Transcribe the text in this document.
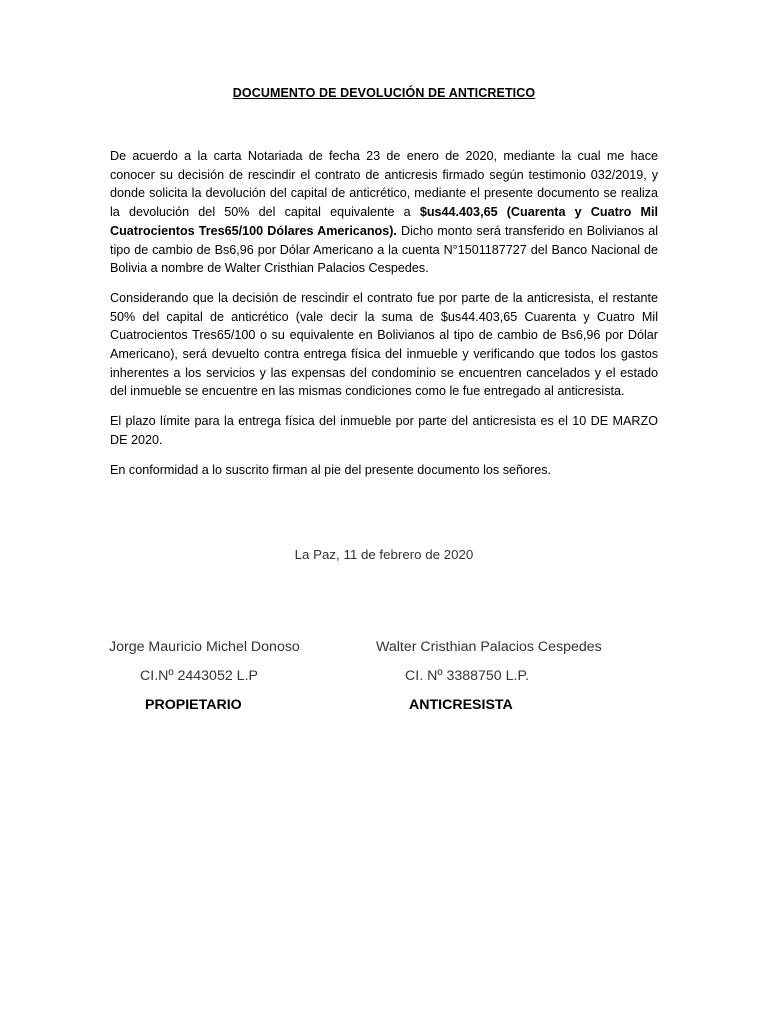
DOCUMENTO DE DEVOLUCIÓN DE ANTICRETICO

De acuerdo a la carta Notariada de fecha 23 de enero de 2020, mediante la cual me hace conocer su decisión de rescindir el contrato de anticresis firmado según testimonio 032/2019, y donde solicita la devolución del capital de anticrético, mediante el presente documento se realiza la devolución del 50% del capital equivalente a $us44.403,65 (Cuarenta y Cuatro Mil Cuatrocientos Tres65/100 Dólares Americanos). Dicho monto será transferido en Bolivianos al tipo de cambio de Bs6,96 por Dólar Americano a la cuenta N°1501187727 del Banco Nacional de Bolivia a nombre de Walter Cristhian Palacios Cespedes.

Considerando que la decisión de rescindir el contrato fue por parte de la anticresista, el restante 50% del capital de anticrético (vale decir la suma de $us44.403,65 Cuarenta y Cuatro Mil Cuatrocientos Tres65/100 o su equivalente en Bolivianos al tipo de cambio de Bs6,96 por Dólar Americano), será devuelto contra entrega física del inmueble y verificando que todos los gastos inherentes a los servicios y las expensas del condominio se encuentren cancelados y el estado del inmueble se encuentre en las mismas condiciones como le fue entregado al anticresista.

El plazo límite para la entrega física del inmueble por parte del anticresista es el 10 DE MARZO DE 2020.

En conformidad a lo suscrito firman al pie del presente documento los señores.

La Paz, 11 de febrero de 2020
Jorge Mauricio Michel Donoso
CI.Nº 2443052 L.P
PROPIETARIO
Walter Cristhian Palacios Cespedes
CI. Nº 3388750 L.P.
ANTICRESISTA
